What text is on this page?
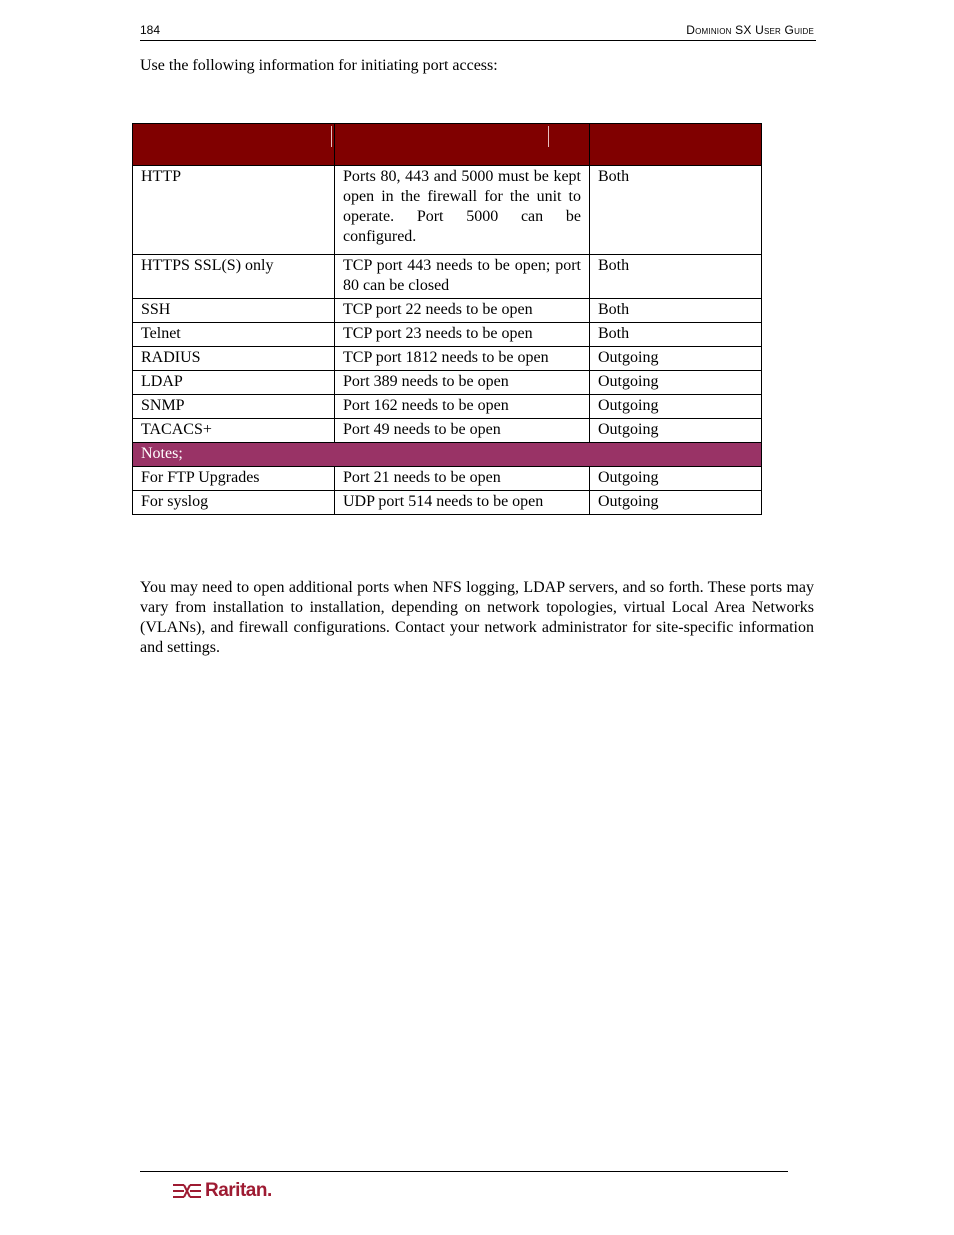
184	Dominion SX User Guide
Use the following information for initiating port access:

HTTP	Ports 80, 443 and 5000 must be kept open in the firewall for the unit to operate. Port 5000 can be configured.	Both
HTTPS SSL(S) only	TCP port 443 needs to be open; port 80 can be closed	Both
SSH	TCP port 22 needs to be open	Both
Telnet	TCP port 23 needs to be open	Both
RADIUS	TCP port 1812 needs to be open	Outgoing
LDAP	Port 389 needs to be open	Outgoing
SNMP	Port 162 needs to be open	Outgoing
TACACS+	Port 49 needs to be open	Outgoing
Notes;		
For FTP Upgrades	Port 21 needs to be open	Outgoing
For syslog	UDP port 514 needs to be open	Outgoing
You may need to open additional ports when NFS logging, LDAP servers, and so forth. These ports may vary from installation to installation, depending on network topologies, virtual Local Area Networks (VLANs), and firewall configurations. Contact your network administrator for site-specific information and settings.
Raritan.
